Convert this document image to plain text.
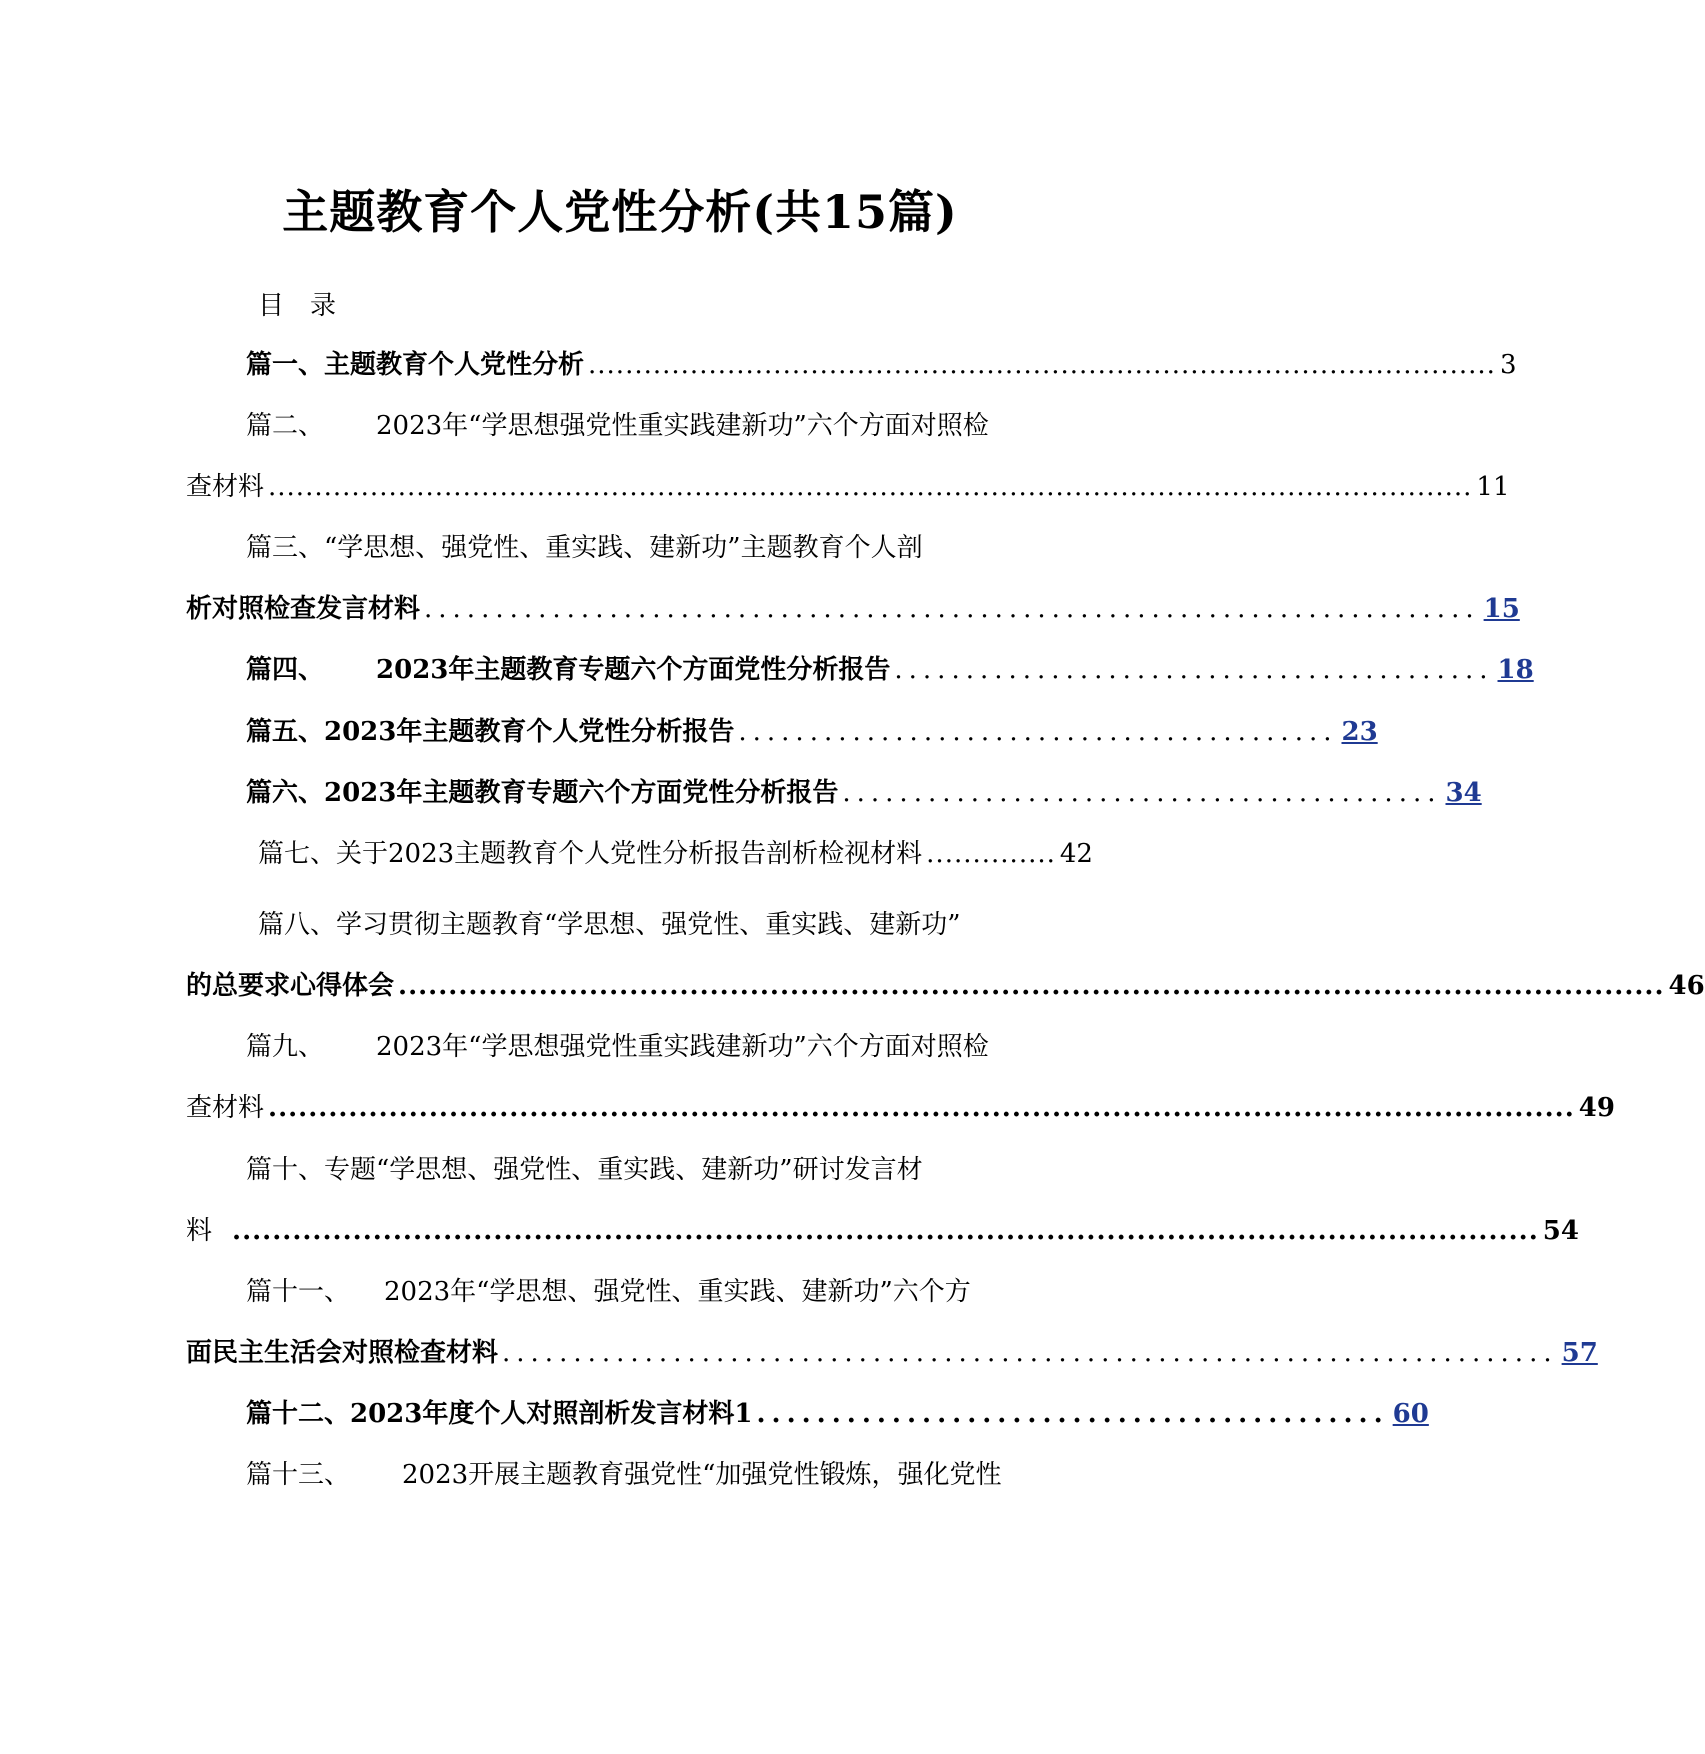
主题教育个人党性分析(共15篇)
目　录
篇一、主题教育个人党性分析 .................................................................................................. 3
篇二、 2023年“学思想强党性重实践建新功”六个方面对照检
查材料 .................................................................................................................................. 11
篇三、“学思想、强党性、重实践、建新功”主题教育个人剖
析对照检查发言材料 .......................................................................... 15
篇四、 2023年主题教育专题六个方面党性分析报告 .......................................... 18
篇五、2023年主题教育个人党性分析报告 .......................................... 23
篇六、2023年主题教育专题六个方面党性分析报告 .......................................... 34
篇七、关于2023主题教育个人党性分析报告剖析检视材料 .............. 42
篇八、学习贯彻主题教育“学思想、强党性、重实践、建新功”
的总要求心得体会 .............................................................................................................................. 46
篇九、 2023年“学思想强党性重实践建新功”六个方面对照检
查材料 .................................................................................................................................. 49
篇十、专题“学思想、强党性、重实践、建新功”研讨发言材
料 .................................................................................................................................. 54
篇十一、 2023年“学思想、强党性、重实践、建新功”六个方
面民主生活会对照检查材料 .......................................................................... 57
篇十二、2023年度个人对照剖析发言材料1 .......................................... 60
篇十三、 2023开展主题教育强党性“加强党性锻炼，强化党性
